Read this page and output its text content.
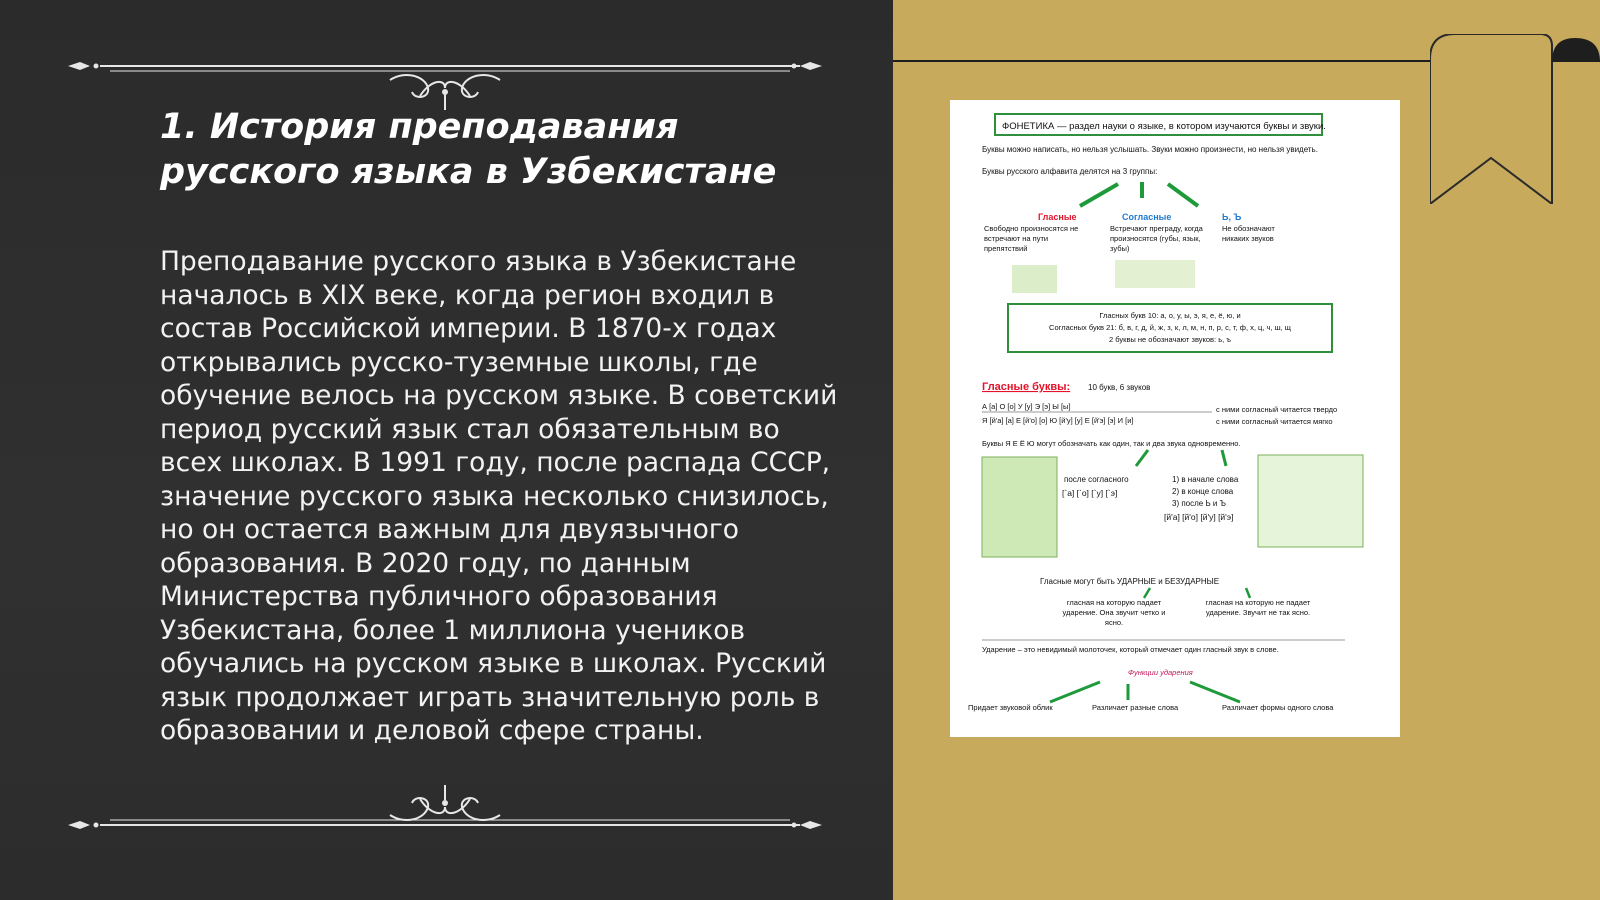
1. История преподавания русского языка в Узбекистане

Преподавание русского языка в Узбекистане началось в XIX веке, когда регион входил в состав Российской империи. В 1870-х годах открывались русско-туземные школы, где обучение велось на русском языке. В советский период русский язык стал обязательным во всех школах. В 1991 году, после распада СССР, значение русского языка несколько снизилось, но он остается важным для двуязычного образования. В 2020 году, по данным Министерства публичного образования Узбекистана, более 1 миллиона учеников обучались на русском языке в школах. Русский язык продолжает играть значительную роль в образовании и деловой сфере страны.

ФОНЕТИКА — раздел науки о языке, в котором изучаются буквы и звуки.
Буквы можно написать, но нельзя услышать. Звуки можно произнести, но нельзя увидеть.
Буквы русского алфавита делятся на 3 группы:
Гласные	Согласные	Ь, Ъ
Свободно произносятся не встречают на пути препятствий
Встречают преграду, когда произносятся (губы, язык, зубы)
Не обозначают никаких звуков
Гласных букв 10: а, о, у, ы, э, я, е, ё, ю, и
Согласных букв 21: б, в, г, д, й, ж, з, к, л, м, н, п, р, с, т, ф, х, ц, ч, ш, щ
2 буквы не обозначают звуков: ь, ъ
Гласные буквы: 10 букв, 6 звуков
А [а] О [о] У [у] Э [э] Ы [ы]
Я [й'а] [а] Е [й'о] [о] Ю [й'у] [у] Е [й'э] [э] И [и]
с ними согласный читается твердо
с ними согласный читается мягко
Буквы Я Е Ё Ю могут обозначать как один, так и два звука одновременно.
после согласного
[`а] [`о] [`у] [`э]
1) в начале слова
2) в конце слова
3) после Ь и Ъ
[й'а] [й'о] [й'у] [й'э]
Гласные могут быть УДАРНЫЕ и БЕЗУДАРНЫЕ
гласная на которую падает ударение. Она звучит четко и ясно.
гласная на которую не падает ударение. Звучит не так ясно.
Ударение – это невидимый молоточек, который отмечает один гласный звук в слове.
Функции ударения
Придает звуковой облик	Различает разные слова	Различает формы одного слова
